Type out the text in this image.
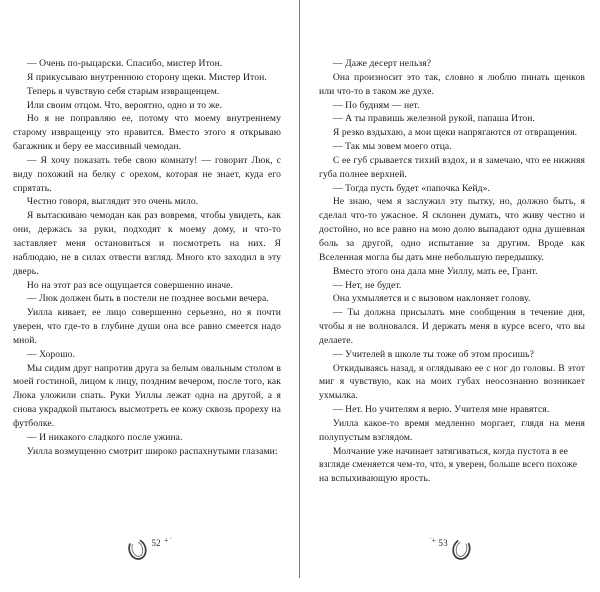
— Очень по-рыцарски. Спасибо, мистер Итон.

Я прикусываю внутреннюю сторону щеки. Мистер Итон.

Теперь я чувствую себя старым извращенцем.

Или своим отцом. Что, вероятно, одно и то же.

Но я не поправляю ее, потому что моему внутреннему старому извращенцу это нравится. Вместо этого я открываю багажник и беру ее массивный чемодан.

— Я хочу показать тебе свою комнату! — говорит Люк, с виду похожий на белку с орехом, которая не знает, куда его спрятать.

Честно говоря, выглядит это очень мило.

Я вытаскиваю чемодан как раз вовремя, чтобы увидеть, как они, держась за руки, подходят к моему дому, и что-то заставляет меня остановиться и посмотреть на них. Я наблюдаю, не в силах отвести взгляд. Много кто заходил в эту дверь.

Но на этот раз все ощущается совершенно иначе.

— Люк должен быть в постели не позднее восьми вечера.

Уилла кивает, ее лицо совершенно серьезно, но я почти уверен, что где-то в глубине души она все равно смеется надо мной.

— Хорошо.

Мы сидим друг напротив друга за белым овальным столом в моей гостиной, лицом к лицу, поздним вечером, после того, как Люка уложили спать. Руки Уиллы лежат одна на другой, а я снова украдкой пытаюсь высмотреть ее кожу сквозь прореху на футболке.

— И никакого сладкого после ужина.

Уилла возмущенно смотрит широко распахнутыми глазами:

52 + ˙

— Даже десерт нельзя?

Она произносит это так, словно я люблю пинать щенков или что-то в таком же духе.

— По будням — нет.

— А ты правишь железной рукой, папаша Итон.

Я резко вздыхаю, а мои щеки напрягаются от отвращения.

— Так мы зовем моего отца.

С ее губ срывается тихий вздох, и я замечаю, что ее нижняя губа полнее верхней.

— Тогда пусть будет «папочка Кейд».

Не знаю, чем я заслужил эту пытку, но, должно быть, я сделал что-то ужасное. Я склонен думать, что живу честно и достойно, но все равно на мою долю выпадают одна душевная боль за другой, одно испытание за другим. Вроде как Вселенная могла бы дать мне небольшую передышку.

Вместо этого она дала мне Уиллу, мать ее, Грант.

— Нет, не будет.

Она ухмыляется и с вызовом наклоняет голову.

— Ты должна присылать мне сообщения в течение дня, чтобы я не волновался. И держать меня в курсе всего, что вы делаете.

— Учителей в школе ты тоже об этом просишь?

Откидываясь назад, я оглядываю ее с ног до головы. В этот миг я чувствую, как на моих губах неосознанно возникает ухмылка.

— Нет. Но учителям я верю. Учителя мне нравятся.

Уилла какое-то время медленно моргает, глядя на меня полупустым взглядом.

Молчание уже начинает затягиваться, когда пустота в ее взгляде сменяется чем-то, что, я уверен, больше всего похоже на вспыхивающую ярость.

53
˙+
